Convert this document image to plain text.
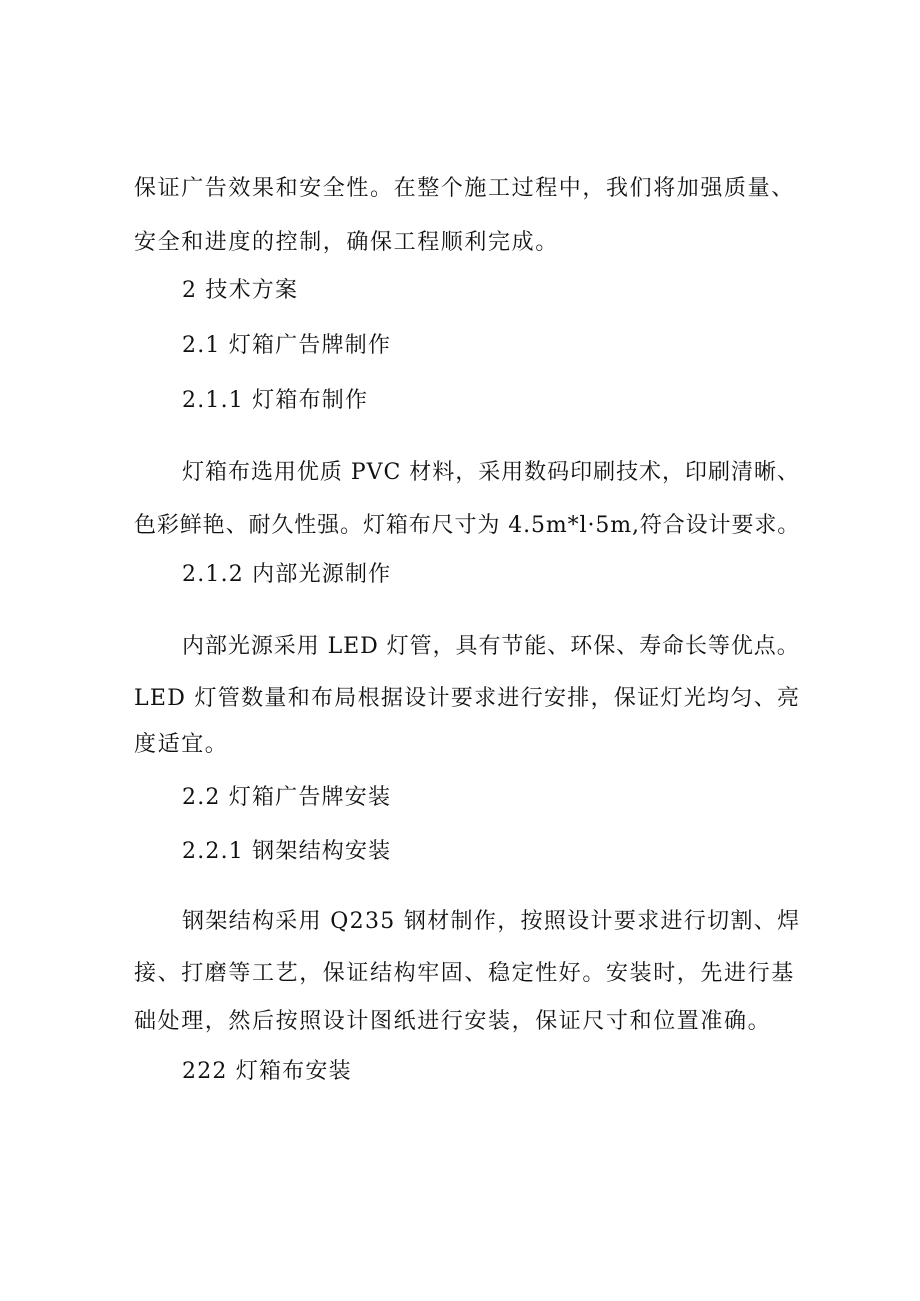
保证广告效果和安全性。在整个施工过程中，我们将加强质量、
安全和进度的控制，确保工程顺利完成。
2 技术方案
2.1 灯箱广告牌制作
2.1.1 灯箱布制作
灯箱布选用优质 PVC 材料，采用数码印刷技术，印刷清晰、
色彩鲜艳、耐久性强。灯箱布尺寸为 4.5m*l·5m,符合设计要求。
2.1.2 内部光源制作
内部光源采用 LED 灯管，具有节能、环保、寿命长等优点。
LED 灯管数量和布局根据设计要求进行安排，保证灯光均匀、亮
度适宜。
2.2 灯箱广告牌安装
2.2.1 钢架结构安装
钢架结构采用 Q235 钢材制作，按照设计要求进行切割、焊
接、打磨等工艺，保证结构牢固、稳定性好。安装时，先进行基
础处理，然后按照设计图纸进行安装，保证尺寸和位置准确。
222 灯箱布安装
